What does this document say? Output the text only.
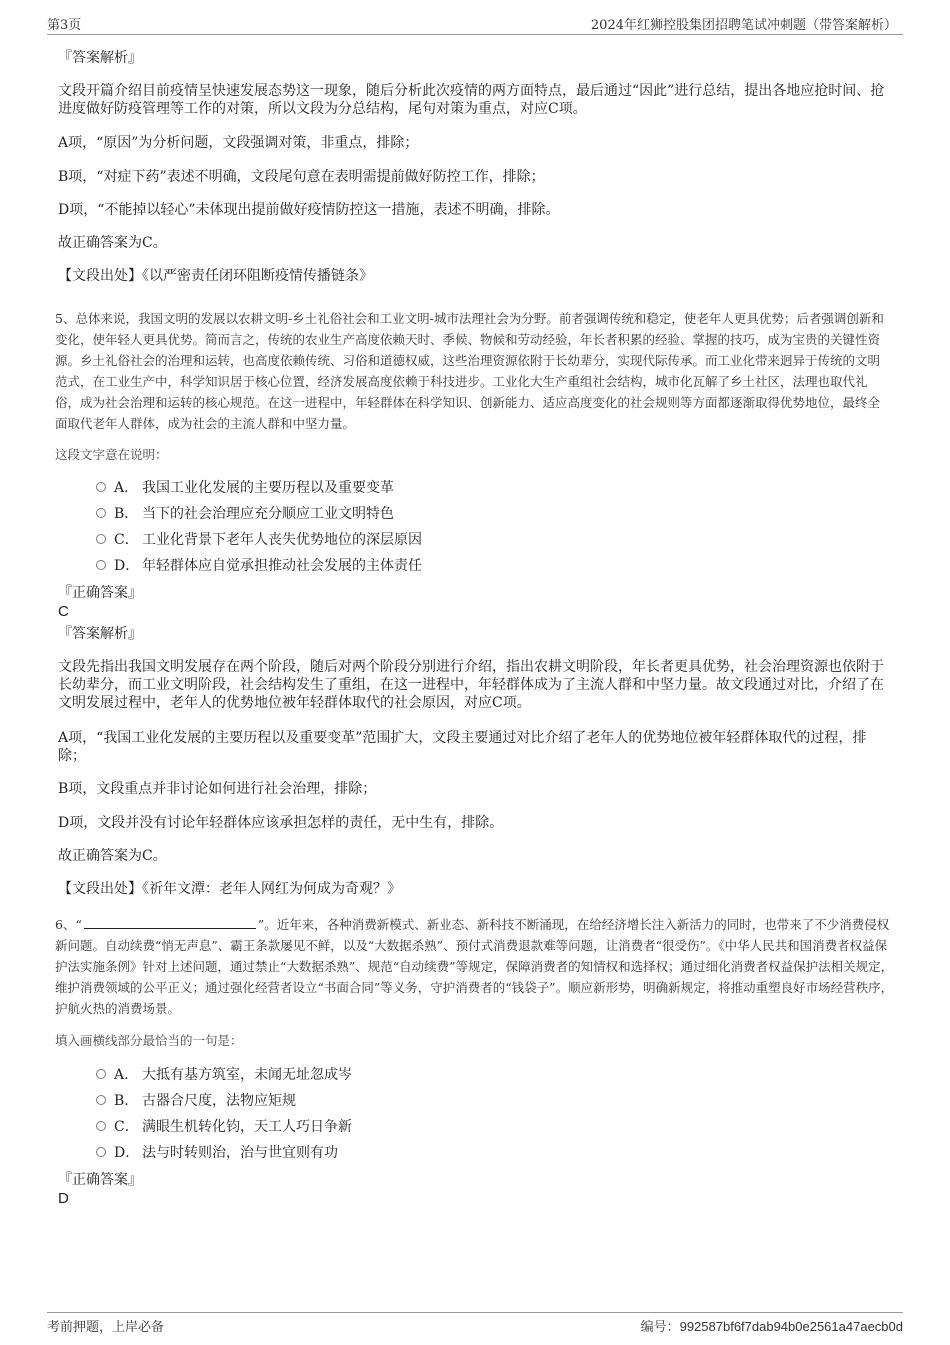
第3页	2024年红狮控股集团招聘笔试冲刺题（带答案解析）
『答案解析』
文段开篇介绍目前疫情呈快速发展态势这一现象，随后分析此次疫情的两方面特点，最后通过“因此”进行总结，提出各地应抢时间、抢进度做好防疫管理等工作的对策，所以文段为分总结构，尾句对策为重点，对应C项。
A项，“原因”为分析问题，文段强调对策，非重点，排除；
B项，“对症下药”表述不明确，文段尾句意在表明需提前做好防控工作，排除；
D项，“不能掉以轻心”未体现出提前做好疫情防控这一措施，表述不明确，排除。
故正确答案为C。
【文段出处】《以严密责任闭环阻断疫情传播链条》
5、总体来说，我国文明的发展以农耕文明-乡土礼俗社会和工业文明-城市法理社会为分野。前者强调传统和稳定，使老年人更具优势；后者强调创新和变化，使年轻人更具优势。简而言之，传统的农业生产高度依赖天时、季候、物候和劳动经验，年长者积累的经验、掌握的技巧，成为宝贵的关键性资源。乡土礼俗社会的治理和运转，也高度依赖传统、习俗和道德权威，这些治理资源依附于长幼辈分，实现代际传承。而工业化带来迥异于传统的文明范式，在工业生产中，科学知识居于核心位置，经济发展高度依赖于科技进步。工业化大生产重组社会结构，城市化瓦解了乡土社区，法理也取代礼俗，成为社会治理和运转的核心规范。在这一进程中，年轻群体在科学知识、创新能力、适应高度变化的社会规则等方面都逐渐取得优势地位，最终全面取代老年人群体，成为社会的主流人群和中坚力量。
这段文字意在说明：
A． 我国工业化发展的主要历程以及重要变革
B． 当下的社会治理应充分顺应工业文明特色
C． 工业化背景下老年人丧失优势地位的深层原因
D． 年轻群体应自觉承担推动社会发展的主体责任
『正确答案』
C
『答案解析』
文段先指出我国文明发展存在两个阶段，随后对两个阶段分别进行介绍，指出农耕文明阶段，年长者更具优势，社会治理资源也依附于长幼辈分，而工业文明阶段，社会结构发生了重组，在这一进程中，年轻群体成为了主流人群和中坚力量。故文段通过对比，介绍了在文明发展过程中，老年人的优势地位被年轻群体取代的社会原因，对应C项。
A项，“我国工业化发展的主要历程以及重要变革”范围扩大，文段主要通过对比介绍了老年人的优势地位被年轻群体取代的过程，排除；
B项，文段重点并非讨论如何进行社会治理，排除；
D项，文段并没有讨论年轻群体应该承担怎样的责任，无中生有，排除。
故正确答案为C。
【文段出处】《祈年文潭：老年人网红为何成为奇观？》
6、“	”。近年来，各种消费新模式、新业态、新科技不断涌现，在给经济增长注入新活力的同时，也带来了不少消费侵权新问题。自动续费“悄无声息”、霸王条款屡见不鲜，以及“大数据杀熟”、预付式消费退款难等问题，让消费者“很受伤”。《中华人民共和国消费者权益保护法实施条例》针对上述问题，通过禁止“大数据杀熟”、规范“自动续费”等规定，保障消费者的知情权和选择权；通过细化消费者权益保护法相关规定，维护消费领域的公平正义；通过强化经营者设立“书面合同”等义务，守护消费者的“钱袋子”。顺应新形势，明确新规定，将推动重塑良好市场经营秩序，护航火热的消费场景。
填入画横线部分最恰当的一句是：
A． 大抵有基方筑室，未闻无址忽成岑
B． 古器合尺度，法物应矩规
C． 满眼生机转化钧，天工人巧日争新
D． 法与时转则治，治与世宜则有功
『正确答案』
D
考前押题，上岸必备	编号：992587bf6f7dab94b0e2561a47aecb0d
